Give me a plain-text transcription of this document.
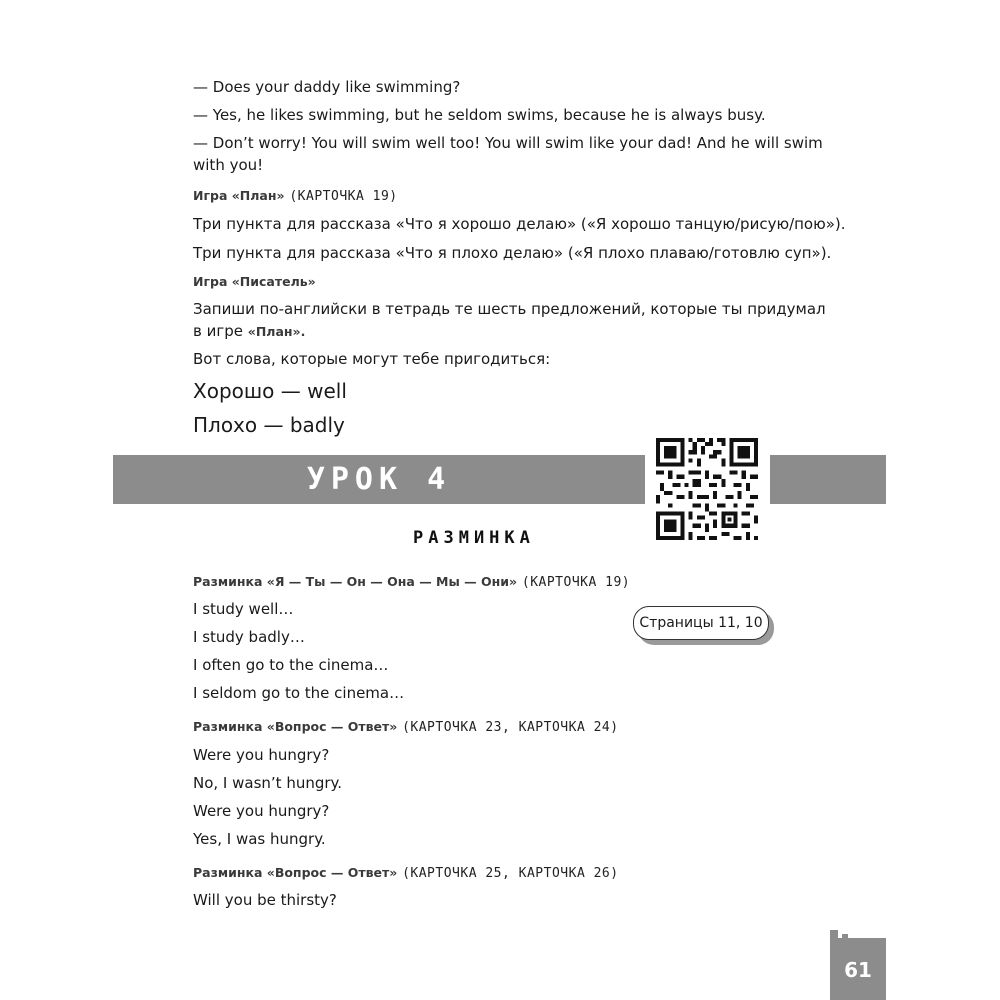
— Does your daddy like swimming?
— Yes, he likes swimming, but he seldom swims, because he is always busy.
— Don’t worry! You will swim well too! You will swim like your dad! And he will swim
with you!
Игра «План» (КАРТОЧКА 19)
Три пункта для рассказа «Что я хорошо делаю» («Я хорошо танцую/рисую/пою»).
Три пункта для рассказа «Что я плохо делаю» («Я плохо плаваю/готовлю суп»).
Игра «Писатель»
Запиши по-английски в тетрадь те шесть предложений, которые ты придумал
в игре «План».
Вот слова, которые могут тебе пригодиться:
Хорошо — well
Плохо — badly
УРОК 4
РАЗМИНКА
Разминка «Я — Ты — Он — Она — Мы — Они» (КАРТОЧКА 19)
I study well…
I study badly…
I often go to the cinema…
I seldom go to the cinema…
Страницы 11, 10
Разминка «Вопрос — Ответ» (КАРТОЧКА 23, КАРТОЧКА 24)
Were you hungry?
No, I wasn’t hungry.
Were you hungry?
Yes, I was hungry.
Разминка «Вопрос — Ответ» (КАРТОЧКА 25, КАРТОЧКА 26)
Will you be thirsty?
61
